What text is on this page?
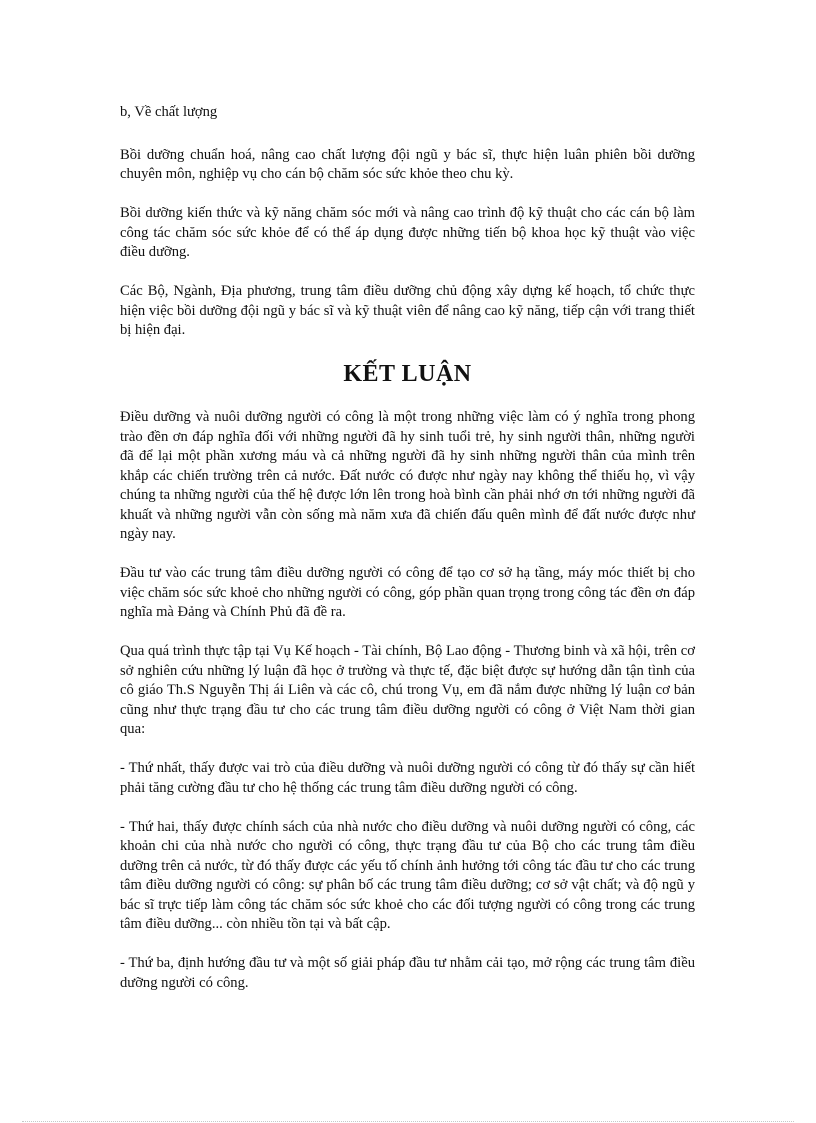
b, Về chất lượng

Bồi dưỡng chuẩn hoá, nâng cao chất lượng đội ngũ y bác sĩ, thực hiện luân phiên bồi dưỡng chuyên môn, nghiệp vụ cho cán bộ chăm sóc sức khỏe theo chu kỳ.

Bồi dưỡng kiến thức và kỹ năng chăm sóc mới và nâng cao trình độ kỹ thuật cho các cán bộ làm công tác chăm sóc sức khỏe để có thể áp dụng được những tiến bộ khoa học kỹ thuật vào việc điều dưỡng.

Các Bộ, Ngành, Địa phương, trung tâm điều dưỡng chủ động xây dựng kế hoạch, tổ chức thực hiện việc bồi dưỡng đội ngũ y bác sĩ và kỹ thuật viên để nâng cao kỹ năng, tiếp cận với trang thiết bị hiện đại.

KẾT LUẬN

Điều dưỡng và nuôi dưỡng người có công là một trong những việc làm có ý nghĩa trong phong trào đền ơn đáp nghĩa đối với những người đã hy sinh tuổi trẻ, hy sinh người thân, những người đã để lại một phần xương máu và cả những người đã hy sinh những người thân của mình trên khắp các chiến trường trên cả nước. Đất nước có được như ngày nay không thể thiếu họ, vì vậy chúng ta những người của thế hệ được lớn lên trong hoà bình cần phải nhớ ơn tới những người đã khuất và những người vẫn còn sống mà năm xưa đã chiến đấu quên mình để đất nước được như ngày nay.

Đầu tư vào các trung tâm điều dưỡng người có công để tạo cơ sở hạ tầng, máy móc thiết bị cho việc chăm sóc sức khoẻ cho những người có công, góp phần quan trọng trong công tác đền ơn đáp nghĩa mà Đảng và Chính Phủ đã đề ra.

Qua quá trình thực tập tại Vụ Kế hoạch - Tài chính, Bộ Lao động - Thương binh và xã hội, trên cơ sở nghiên cứu những lý luận đã học ở trường và thực tế, đặc biệt được sự hướng dẫn tận tình của cô giáo Th.S Nguyễn Thị ái Liên và các cô, chú trong Vụ, em đã nắm được những lý luận cơ bản cũng như thực trạng đầu tư cho các trung tâm điều dưỡng người có công ở Việt Nam thời gian qua:

- Thứ nhất, thấy được vai trò của điều dưỡng và nuôi dưỡng người có công từ đó thấy sự cần hiết phải tăng cường đầu tư cho hệ thống các trung tâm điều dưỡng người có công.

- Thứ hai, thấy được chính sách của nhà nước cho điều dưỡng và nuôi dưỡng người có công, các khoản chi của nhà nước cho người có công, thực trạng đầu tư của Bộ cho các trung tâm điều dưỡng trên cả nước, từ đó thấy được các yếu tố chính ảnh hưởng tới công tác đầu tư cho các trung tâm điều dưỡng người có công: sự phân bố các trung tâm điều dưỡng; cơ sở vật chất; và độ ngũ y bác sĩ trực tiếp làm công tác chăm sóc sức khoẻ cho các đối tượng người có công trong các trung tâm điều dưỡng... còn nhiều tồn tại và bất cập.

- Thứ ba, định hướng đầu tư và một số giải pháp đầu tư nhằm cải tạo, mở rộng các trung tâm điều dưỡng người có công.
